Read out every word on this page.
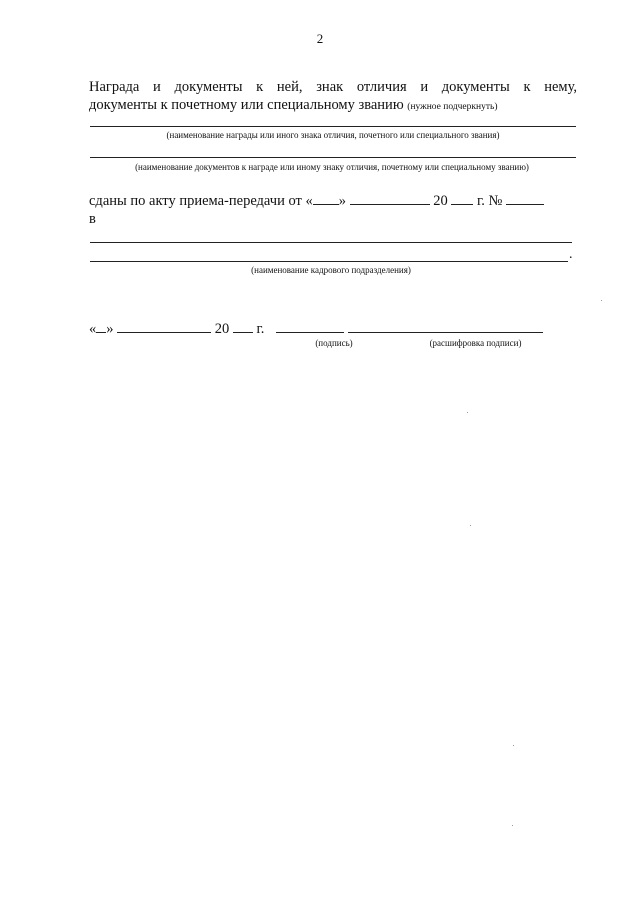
2
Награда и документы к ней, знак отличия и документы к нему,
документы к почетному или специальному званию (нужное подчеркнуть)
(наименование награды или иного знака отличия, почетного или специального звания)
(наименование документов к награде или иному знаку отличия, почетному или специальному званию)
сданы по акту приема-передачи от « »	20 г. №
в
.
(наименование кадрового подразделения)
« »	20 г.
(подпись)	(расшифровка подписи)
